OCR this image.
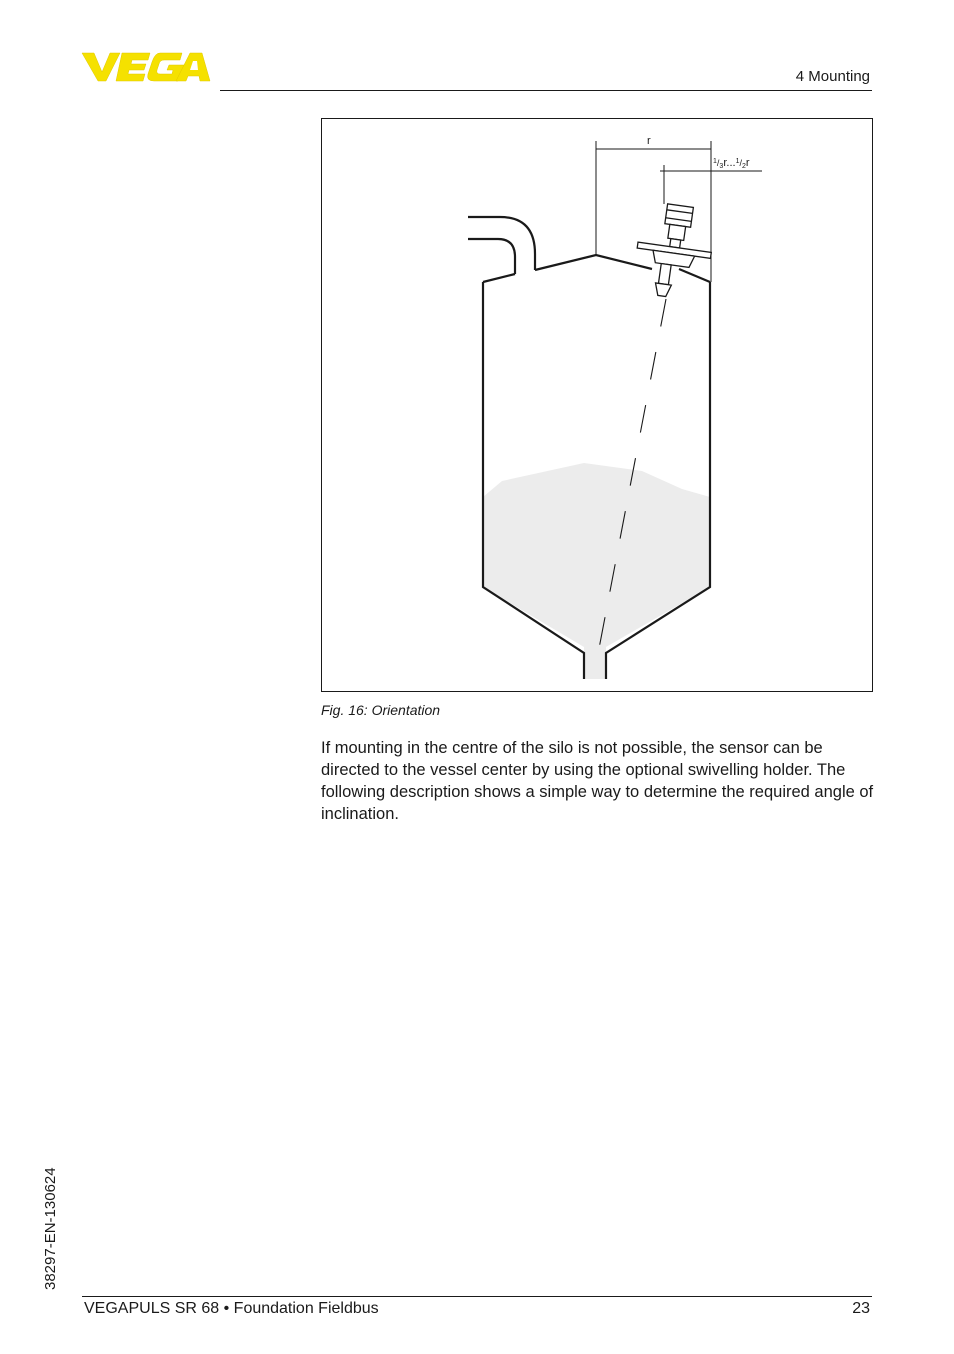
4 Mounting
r
$^1_/$3r...$^1_/$2r
Fig. 16: Orientation
If mounting in the centre of the silo is not possible, the sensor can be directed to the vessel center by using the optional swivelling holder. The following description shows a simple way to determine the required angle of inclination.
38297-EN-130624
VEGAPULS SR 68 • Foundation Fieldbus	23
